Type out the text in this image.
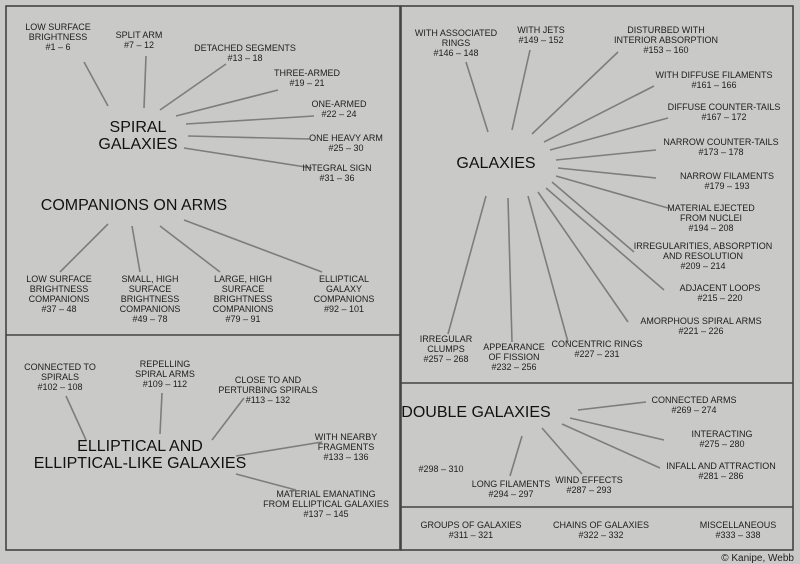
SPIRAL GALAXIES
COMPANIONS ON ARMS
GALAXIES
ELLIPTICAL AND ELLIPTICAL-LIKE GALAXIES
DOUBLE GALAXIES
LOW SURFACE BRIGHTNESS #1 – 6
SPLIT ARM #7 – 12	DETACHED SEGMENTS #13 – 18
THREE-ARMED #19 – 21
ONE-ARMED #22 – 24
ONE HEAVY ARM #25 – 30
INTEGRAL SIGN #31 – 36
LOW SURFACE BRIGHTNESS COMPANIONS #37 – 48
SMALL, HIGH SURFACE BRIGHTNESS COMPANIONS #49 – 78
LARGE, HIGH SURFACE BRIGHTNESS COMPANIONS #79 – 91
ELLIPTICAL GALAXY COMPANIONS #92 – 101
CONNECTED TO SPIRALS #102 – 108
REPELLING SPIRAL ARMS #109 – 112	CLOSE TO AND PERTURBING SPIRALS #113 – 132
WITH NEARBY FRAGMENTS #133 – 136
MATERIAL EMANATING FROM ELLIPTICAL GALAXIES #137 – 145
WITH ASSOCIATED RINGS #146 – 148
WITH JETS #149 – 152
DISTURBED WITH INTERIOR ABSORPTION #153 – 160
WITH DIFFUSE FILAMENTS #161 – 166
DIFFUSE COUNTER-TAILS #167 – 172
NARROW COUNTER-TAILS #173 – 178
NARROW FILAMENTS #179 – 193
MATERIAL EJECTED FROM NUCLEI #194 – 208
IRREGULARITIES, ABSORPTION AND RESOLUTION #209 – 214
ADJACENT LOOPS #215 – 220
AMORPHOUS SPIRAL ARMS #221 – 226
CONCENTRIC RINGS #227 – 231
APPEARANCE OF FISSION #232 – 256
IRREGULAR CLUMPS #257 – 268
CONNECTED ARMS #269 – 274
INTERACTING #275 – 280
INFALL AND ATTRACTION #281 – 286
WIND EFFECTS #287 – 293
LONG FILAMENTS #294 – 297
#298 – 310
GROUPS OF GALAXIES #311 – 321
CHAINS OF GALAXIES #322 – 332
MISCELLANEOUS #333 – 338
© Kanipe, Webb
